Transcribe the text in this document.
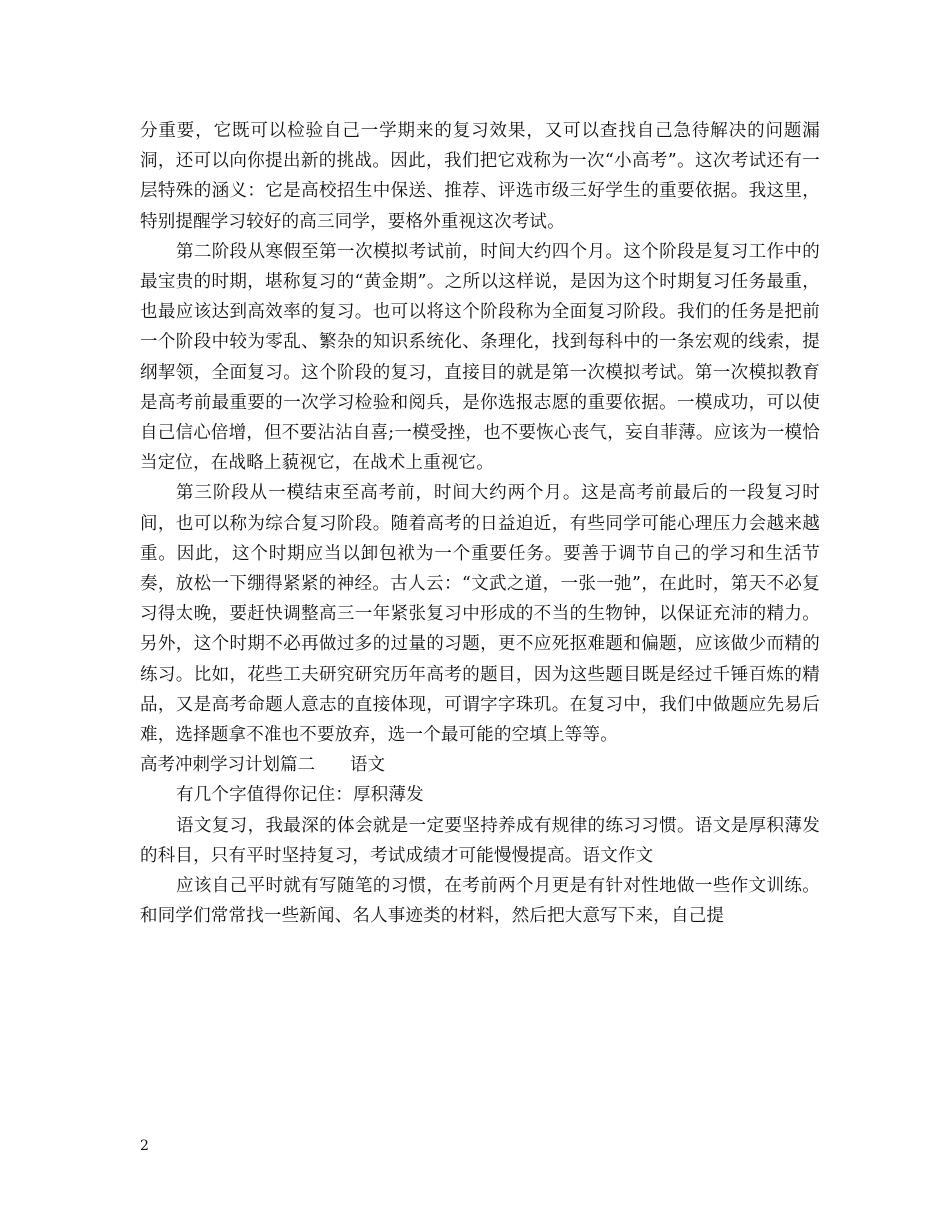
分重要，它既可以检验自己一学期来的复习效果，又可以查找自己急待解决的问题漏洞，还可以向你提出新的挑战。因此，我们把它戏称为一次“小高考”。这次考试还有一层特殊的涵义：它是高校招生中保送、推荐、评选市级三好学生的重要依据。我这里，特别提醒学习较好的高三同学，要格外重视这次考试。

第二阶段从寒假至第一次模拟考试前，时间大约四个月。这个阶段是复习工作中的最宝贵的时期，堪称复习的“黄金期”。之所以这样说，是因为这个时期复习任务最重，也最应该达到高效率的复习。也可以将这个阶段称为全面复习阶段。我们的任务是把前一个阶段中较为零乱、繁杂的知识系统化、条理化，找到每科中的一条宏观的线索，提纲挈领，全面复习。这个阶段的复习，直接目的就是第一次模拟考试。第一次模拟教育是高考前最重要的一次学习检验和阅兵，是你选报志愿的重要依据。一模成功，可以使自己信心倍增，但不要沾沾自喜;一模受挫，也不要恢心丧气，妄自菲薄。应该为一模恰当定位，在战略上藐视它，在战术上重视它。

第三阶段从一模结束至高考前，时间大约两个月。这是高考前最后的一段复习时间，也可以称为综合复习阶段。随着高考的日益迫近，有些同学可能心理压力会越来越重。因此，这个时期应当以卸包袱为一个重要任务。要善于调节自己的学习和生活节奏，放松一下绷得紧紧的神经。古人云：“文武之道，一张一弛”，在此时，第天不必复习得太晚，要赶快调整高三一年紧张复习中形成的不当的生物钟，以保证充沛的精力。另外，这个时期不必再做过多的过量的习题，更不应死抠难题和偏题，应该做少而精的练习。比如，花些工夫研究研究历年高考的题目，因为这些题目既是经过千锤百炼的精品，又是高考命题人意志的直接体现，可谓字字珠玑。在复习中，我们中做题应先易后难，选择题拿不准也不要放弃，选一个最可能的空填上等等。

高考冲刺学习计划篇二　　语文

有几个字值得你记住：厚积薄发

语文复习，我最深的体会就是一定要坚持养成有规律的练习习惯。语文是厚积薄发的科目，只有平时坚持复习，考试成绩才可能慢慢提高。语文作文

应该自己平时就有写随笔的习惯，在考前两个月更是有针对性地做一些作文训练。 和同学们常常找一些新闻、名人事迹类的材料，然后把大意写下来，自己提

2
